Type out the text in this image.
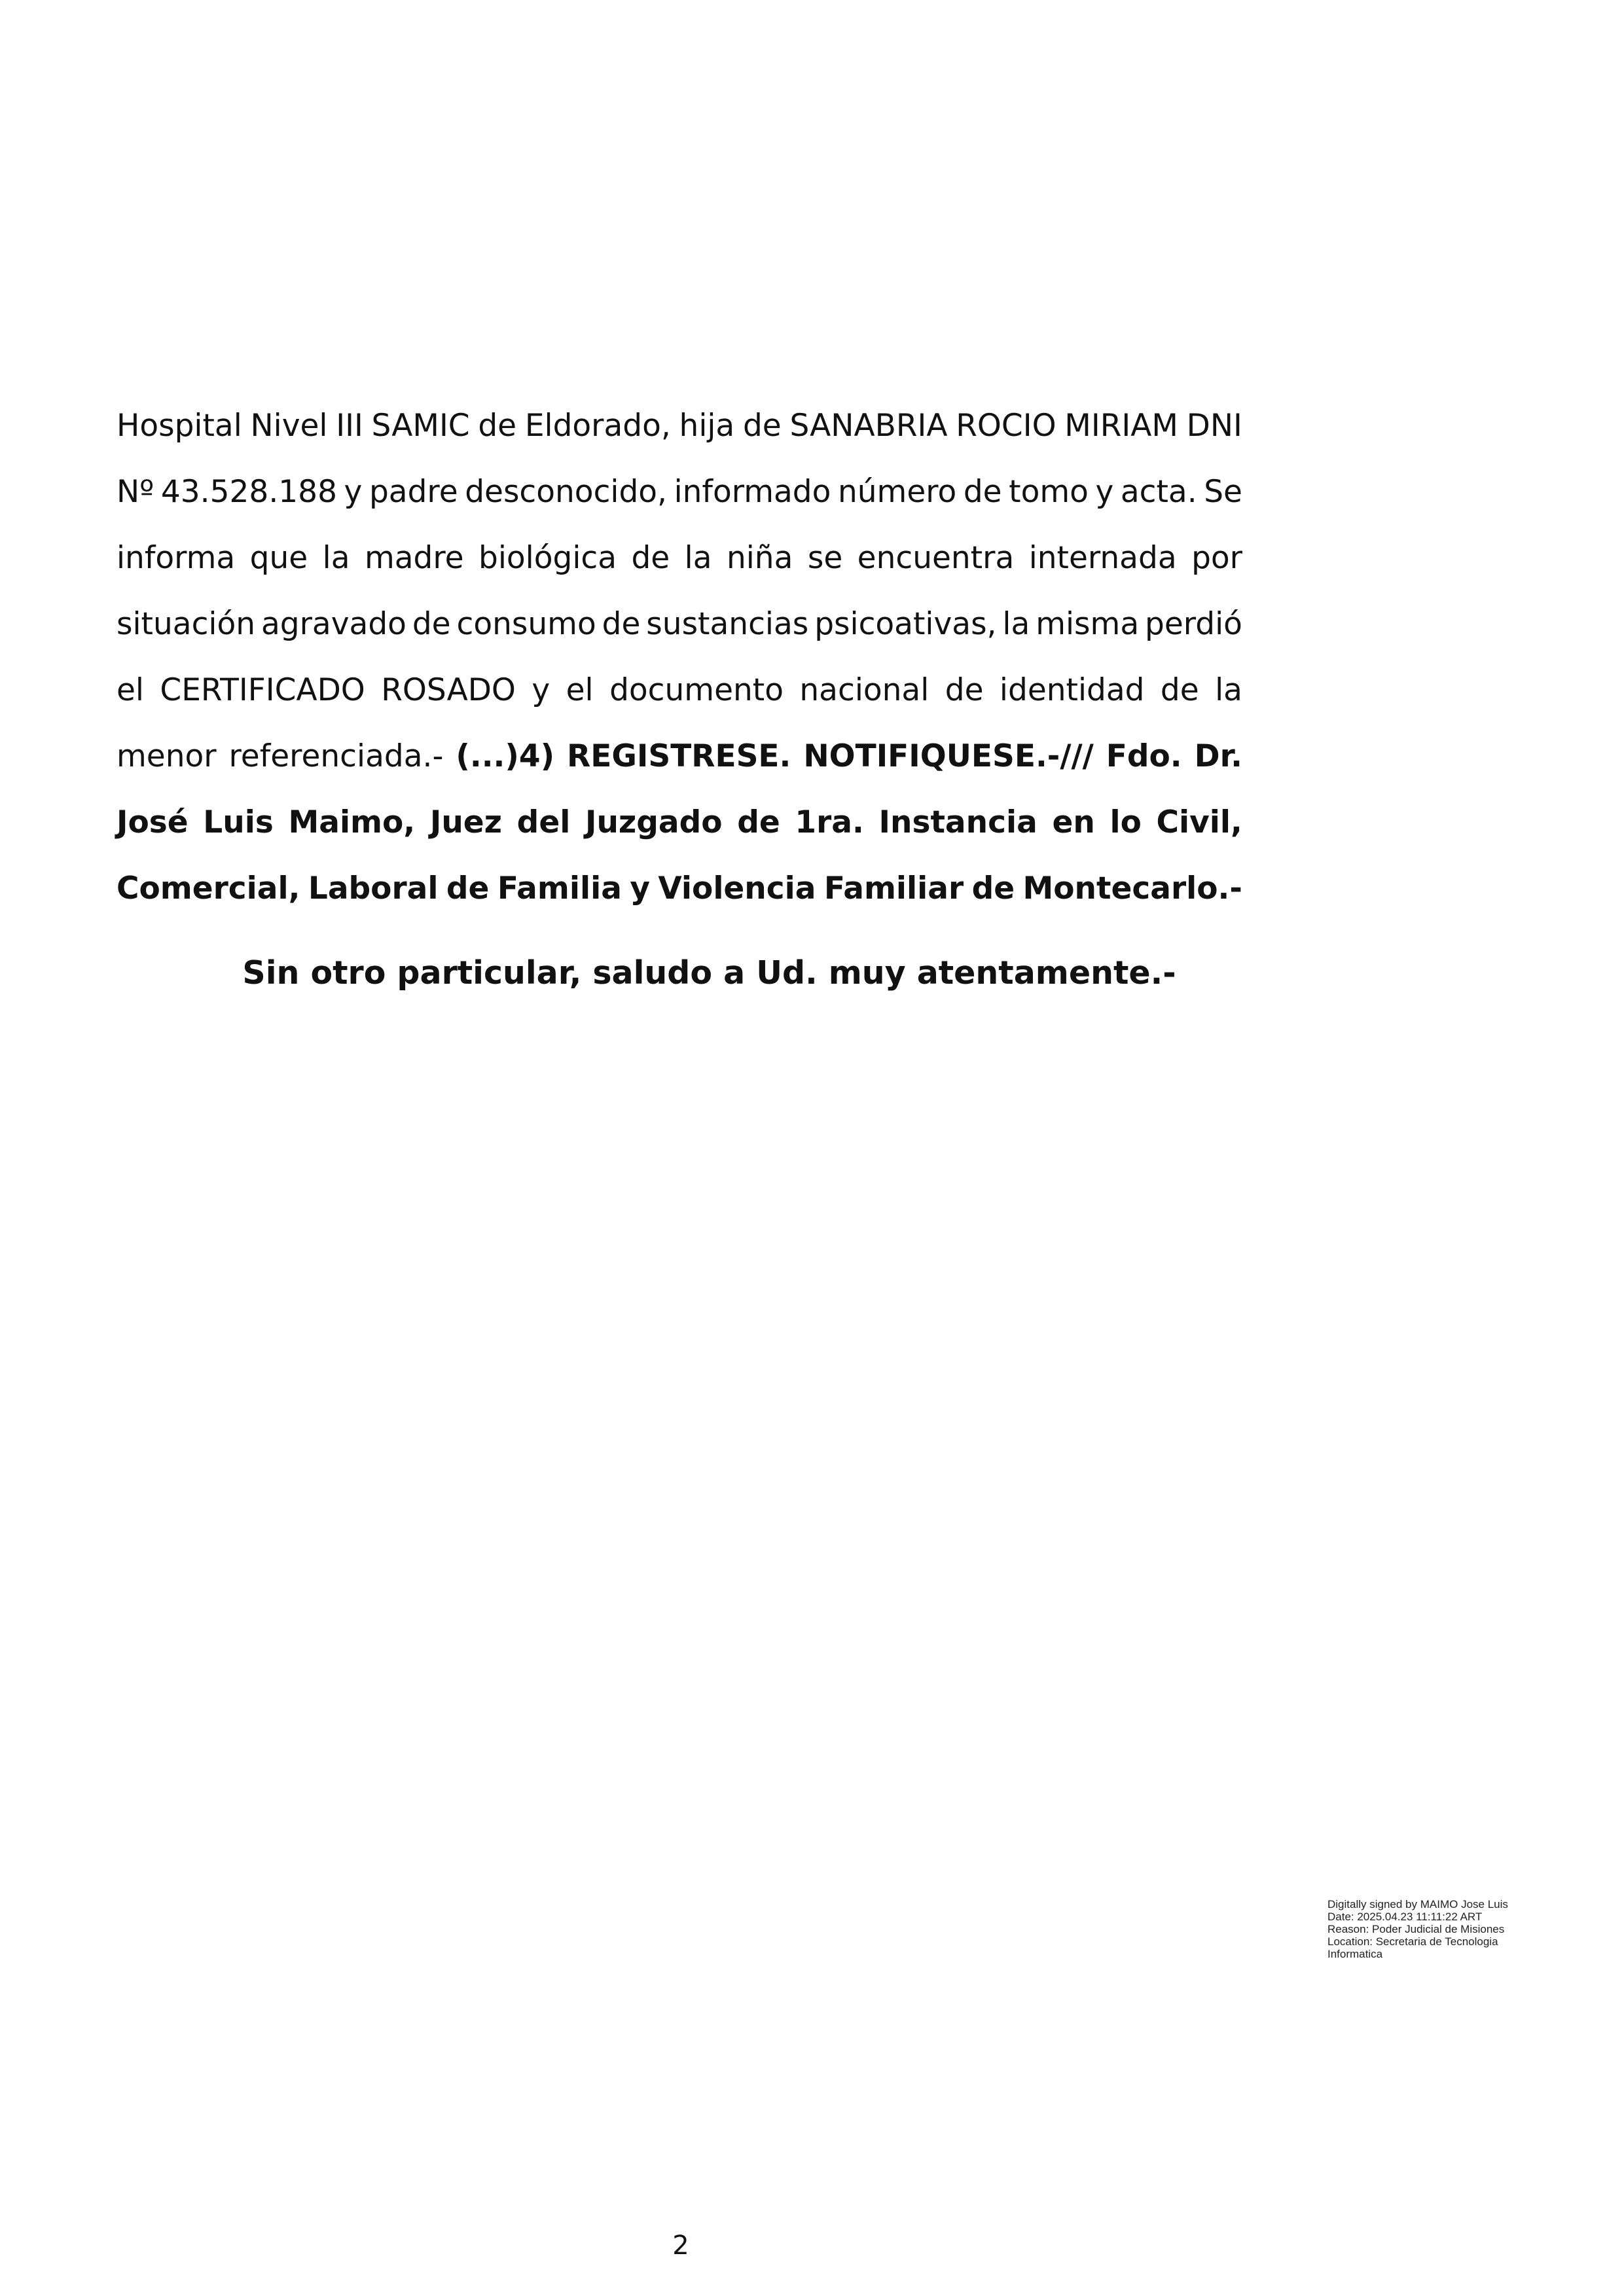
Hospital Nivel III SAMIC de Eldorado, hija de SANABRIA ROCIO MIRIAM DNI
Nº 43.528.188 y padre desconocido, informado número de tomo y acta. Se
informa que la madre biológica de la niña se encuentra internada por
situación agravado de consumo de sustancias psicoativas, la misma perdió
el CERTIFICADO ROSADO y el documento nacional de identidad de la
menor referenciada.- (...)4) REGISTRESE. NOTIFIQUESE.-/// Fdo. Dr.
José Luis Maimo, Juez del Juzgado de 1ra. Instancia en lo Civil,
Comercial, Laboral de Familia y Violencia Familiar de Montecarlo.-
Sin otro particular, saludo a Ud. muy atentamente.-
Digitally signed by MAIMO Jose Luis
Date: 2025.04.23 11:11:22 ART
Reason: Poder Judicial de Misiones
Location: Secretaria de Tecnologia
Informatica
2
